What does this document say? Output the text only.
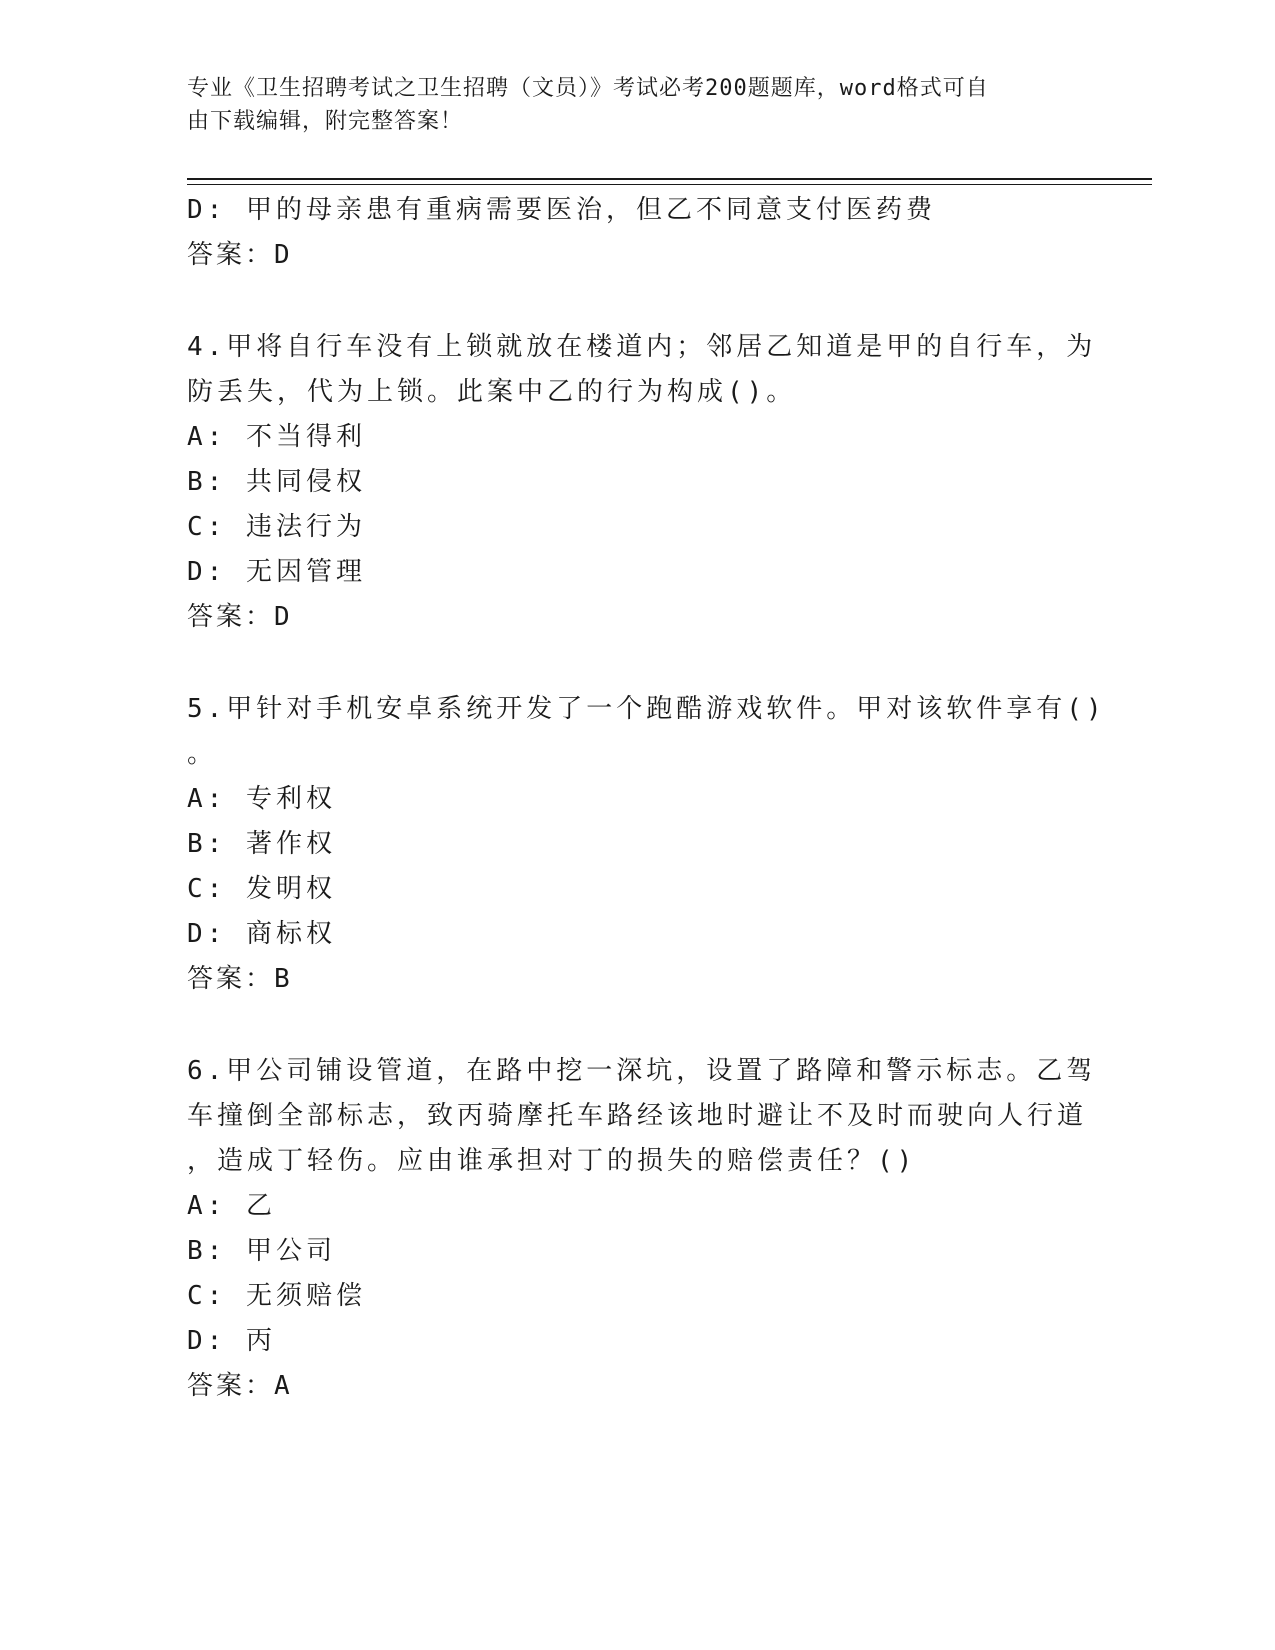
专业《卫生招聘考试之卫生招聘（文员）》考试必考200题题库，word格式可自
由下载编辑，附完整答案！
D: 甲的母亲患有重病需要医治，但乙不同意支付医药费
答案：D
4.甲将自行车没有上锁就放在楼道内；邻居乙知道是甲的自行车，为
防丢失，代为上锁。此案中乙的行为构成()。
A: 不当得利
B: 共同侵权
C: 违法行为
D: 无因管理
答案：D
5.甲针对手机安卓系统开发了一个跑酷游戏软件。甲对该软件享有()
。
A: 专利权
B: 著作权
C: 发明权
D: 商标权
答案：B
6.甲公司铺设管道，在路中挖一深坑，设置了路障和警示标志。乙驾
车撞倒全部标志，致丙骑摩托车路经该地时避让不及时而驶向人行道
，造成丁轻伤。应由谁承担对丁的损失的赔偿责任？()
A: 乙
B: 甲公司
C: 无须赔偿
D: 丙
答案：A
